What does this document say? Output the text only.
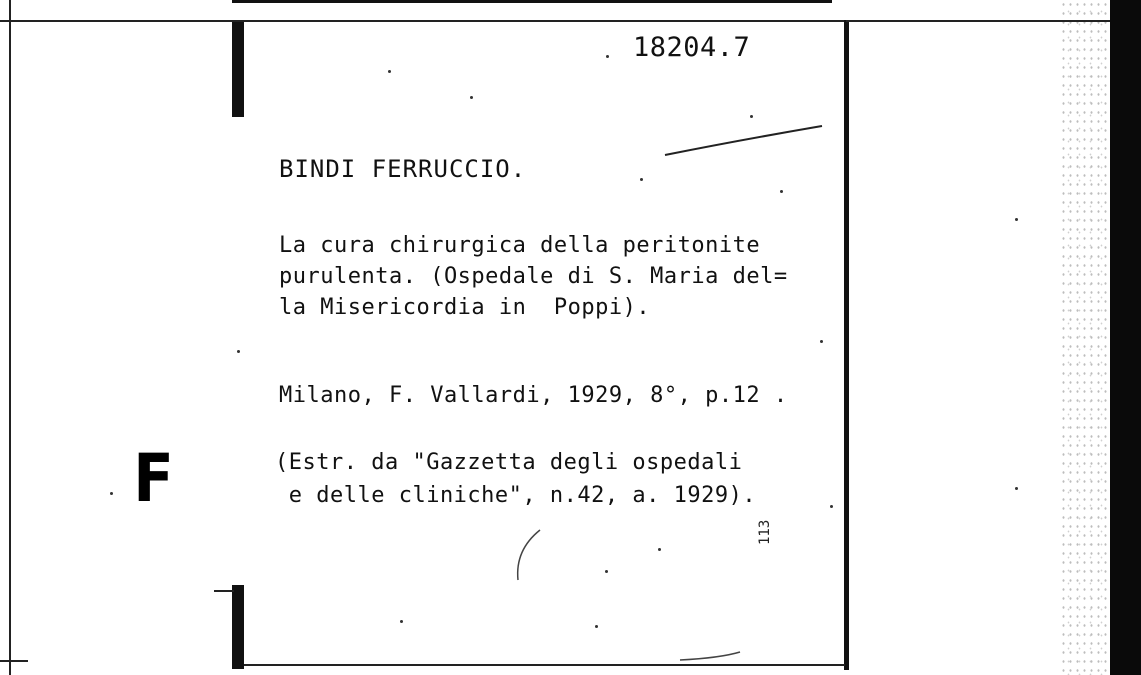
18204.7
BINDI FERRUCCIO.
La cura chirurgica della peritonite
purulenta. (Ospedale di S. Maria del=
la Misericordia in  Poppi).
Milano, F. Vallardi, 1929, 8°, p.12 .
(Estr. da "Gazzetta degli ospedali
e delle cliniche", n.42, a. 1929).
F
113
